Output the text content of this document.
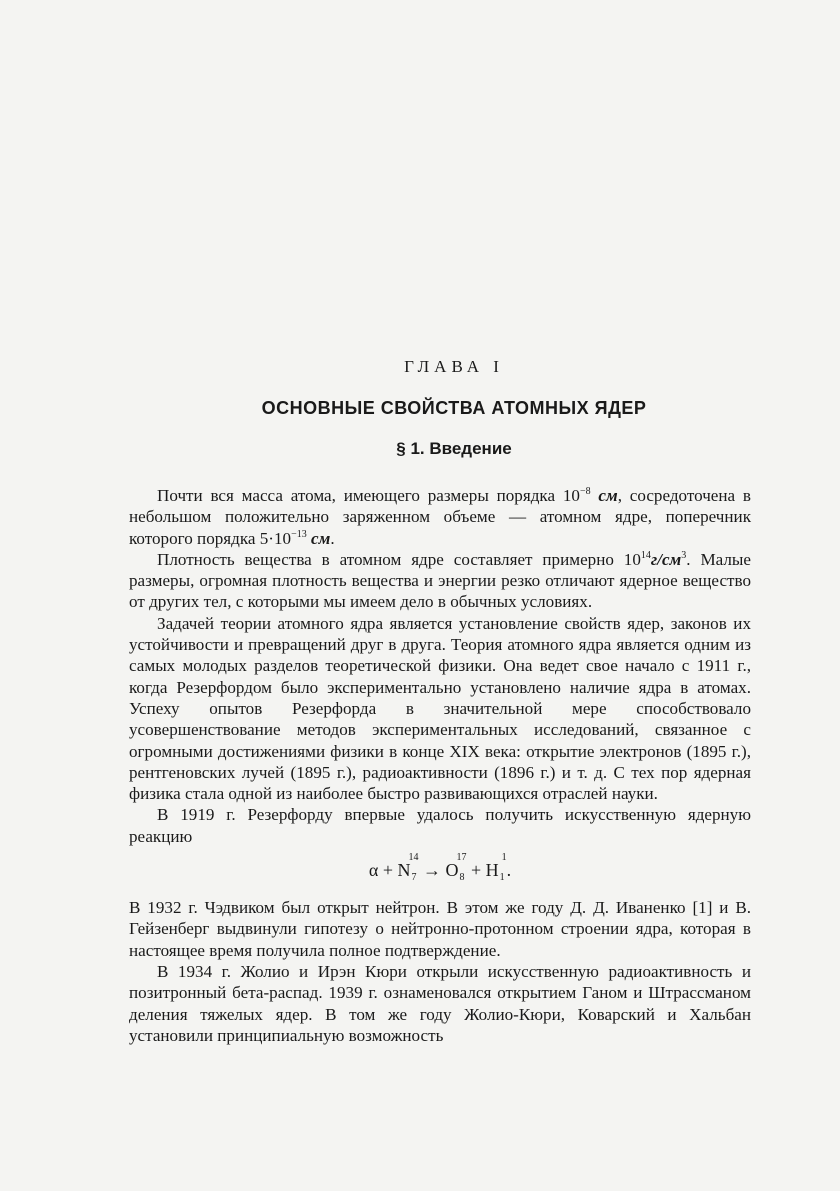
ГЛАВА I
ОСНОВНЫЕ СВОЙСТВА АТОМНЫХ ЯДЕР
§ 1. Введение

Почти вся масса атома, имеющего размеры порядка $10^{-8}$ см, сосредоточена в небольшом положительно заряженном объеме — атомном ядре, поперечник которого порядка $5\cdot 10^{-13}$ см.

Плотность вещества в атомном ядре составляет примерно $10^{14}г/см^3$. Малые размеры, огромная плотность вещества и энергии резко отличают ядерное вещество от других тел, с которыми мы имеем дело в обычных условиях.

Задачей теории атомного ядра является установление свойств ядер, законов их устойчивости и превращений друг в друга. Теория атомного ядра является одним из самых молодых разделов теоретической физики. Она ведет свое начало с 1911 г., когда Резерфордом было экспериментально установлено наличие ядра в атомах. Успеху опытов Резерфорда в значительной мере способствовало усовершенствование методов экспериментальных исследований, связанное с огромными достижениями физики в конце XIX века: открытие электронов (1895 г.), рентгеновских лучей (1895 г.), радиоактивности (1896 г.) и т. д. С тех пор ядерная физика стала одной из наиболее быстро развивающихся отраслей науки.

В 1919 г. Резерфорду впервые удалось получить искусственную ядерную реакцию

α + N
14
7 → O
17
8 + H
1
1 .

В 1932 г. Чэдвиком был открыт нейтрон. В этом же году Д. Д. Иваненко [1] и В. Гейзенберг выдвинули гипотезу о нейтронно-протонном строении ядра, которая в настоящее время получила полное подтверждение.

В 1934 г. Жолио и Ирэн Кюри открыли искусственную радиоактивность и позитронный бета-распад. 1939 г. ознаменовался открытием Ганом и Штрассманом деления тяжелых ядер. В том же году Жолио-Кюри, Коварский и Хальбан установили принципиальную возможность
